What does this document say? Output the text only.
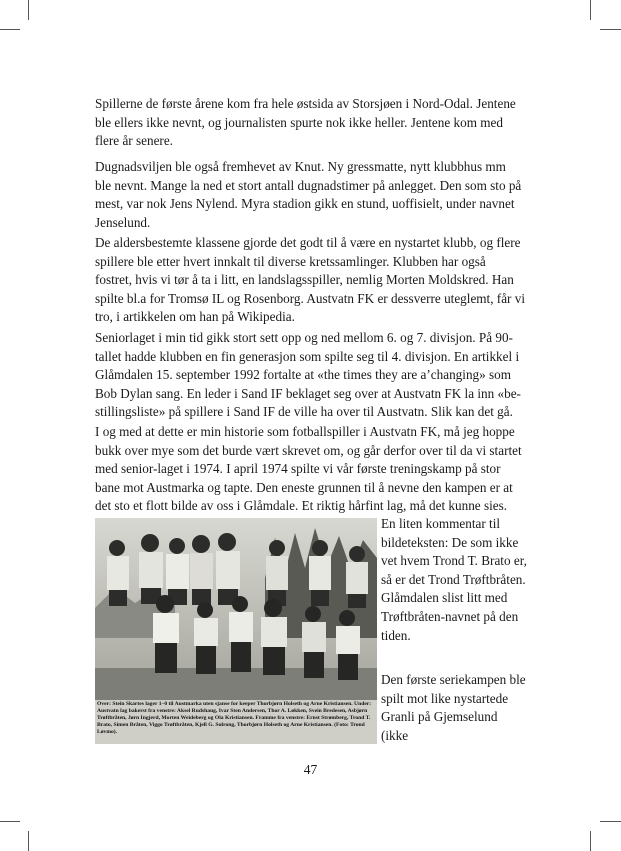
Spillerne de første årene kom fra hele østsida av Storsjøen i Nord-Odal. Jentene ble ellers ikke nevnt, og journalisten spurte nok ikke heller. Jentene kom med flere år senere.

Dugnadsviljen ble også fremhevet av Knut. Ny gressmatte, nytt klubbhus mm ble nevnt. Mange la ned et stort antall dugnadstimer på anlegget. Den som sto på mest, var nok Jens Nylend. Myra stadion gikk en stund, uoffisielt, under navnet Jenselund.

De aldersbestemte klassene gjorde det godt til å være en nystartet klubb, og flere spillere ble etter hvert innkalt til diverse kretssamlinger. Klubben har også fostret, hvis vi tør å ta i litt, en landslagsspiller, nemlig Morten Moldskred. Han spilte bl.a for Tromsø IL og Rosenborg. Austvatn FK er dessverre uteglemt, får vi tro, i artikkelen om han på Wikipedia.

Seniorlaget i min tid gikk stort sett opp og ned mellom 6. og 7. divisjon. På 90-tallet hadde klubben en fin generasjon som spilte seg til 4. divisjon. En artikkel i Glåmdalen 15. september 1992 fortalte at «the times they are a’changing» som Bob Dylan sang. En leder i Sand IF beklaget seg over at Austvatn FK la inn «be-stillingsliste» på spillere i Sand IF de ville ha over til Austvatn. Slik kan det gå.

I og med at dette er min historie som fotballspiller i Austvatn FK, må jeg hoppe bukk over mye som det burde vært skrevet om, og går derfor over til da vi startet med senior-laget i 1974. I april 1974 spilte vi vår første treningskamp på stor bane mot Austmarka og tapte. Den eneste grunnen til å nevne den kampen er at det sto et flott bilde av oss i Glåmdale. Et riktig hårfint lag, må det kunne sies.

Over: Stein Skartes lager 1–0 til Austmarka uten sjanse for keeper Thorbjørn Holseth og Arne Kristiansen. Under: Austvatn lag bakerst fra venstre: Aksel Rudshaug, Ivar Sten Andersen, Thor A. Løkken, Svein Bredesen, Asbjørn Trøftbråten, Jørn Ingjerd, Morten Weideberg og Ola Kristiansen. Framme fra venstre: Ernst Strømberg, Trond T. Brato, Simen Bråten, Viggo Trøftbråten, Kjell G. Sulrong, Thorbjørn Holseth og Arne Kristiansen. (Foto: Trond Løvmo).

En liten kommentar til bildeteksten: De som ikke vet hvem Trond T. Brato er, så er det Trond Trøftbråten. Glåmdalen slist litt med Trøftbråten-navnet på den tiden.

Den første seriekampen ble spilt mot like nystartede Granli på Gjemselund (ikke

47
